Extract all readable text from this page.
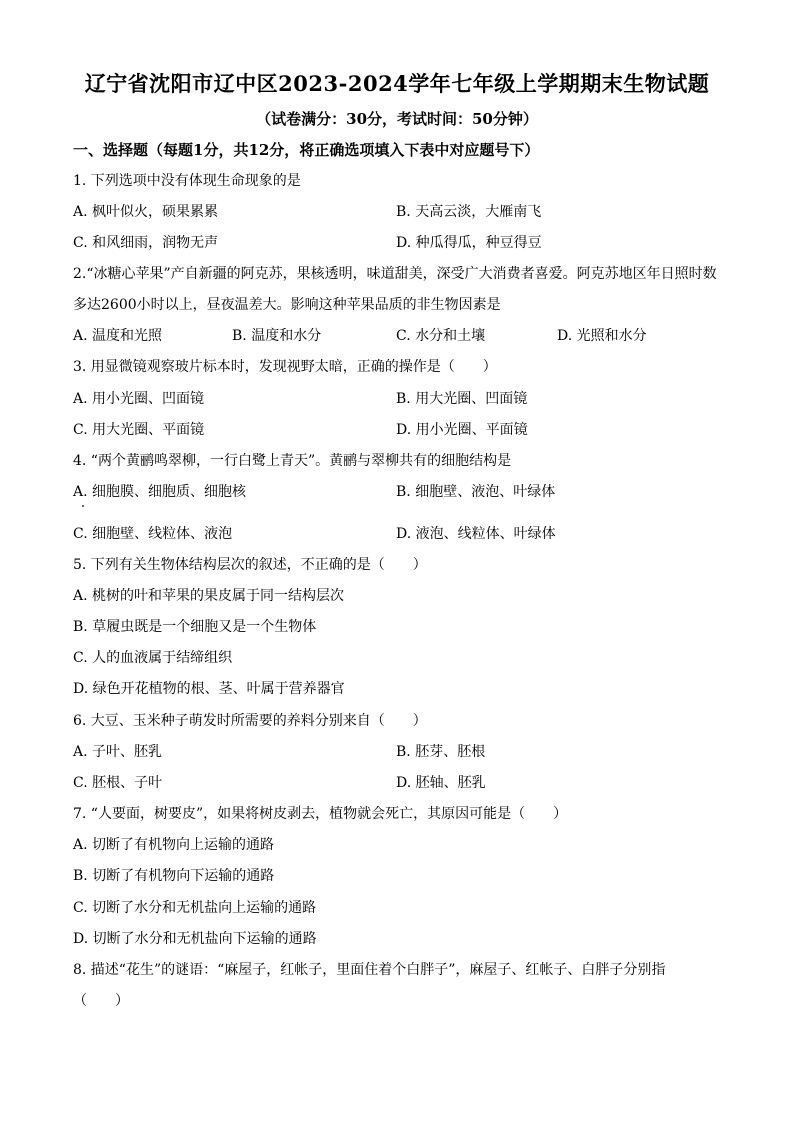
辽宁省沈阳市辽中区2023-2024学年七年级上学期期末生物试题
（试卷满分：30分，考试时间：50分钟）
一、选择题（每题1分，共12分，将正确选项填入下表中对应题号下）
1. 下列选项中没有体现生命现象的是
A. 枫叶似火，硕果累累	B. 天高云淡，大雁南飞
C. 和风细雨，润物无声	D. 种瓜得瓜，种豆得豆
2.“冰糖心苹果”产自新疆的阿克苏，果核透明，味道甜美，深受广大消费者喜爱。阿克苏地区年日照时数
多达2600小时以上，昼夜温差大。影响这种苹果品质的非生物因素是
A. 温度和光照	B. 温度和水分	C. 水分和土壤	D. 光照和水分
3. 用显微镜观察玻片标本时，发现视野太暗，正确的操作是（　　）
A. 用小光圈、凹面镜	B. 用大光圈、凹面镜
C. 用大光圈、平面镜	D. 用小光圈、平面镜
4. “两个黄鹂鸣翠柳，一行白鹭上青天”。黄鹂与翠柳共有的细胞结构是
A. 细胞膜、细胞质、细胞核	B. 细胞壁、液泡、叶绿体
C. 细胞壁、线粒体、液泡	D. 液泡、线粒体、叶绿体
5. 下列有关生物体结构层次的叙述，不正确的是（　　）
A. 桃树的叶和苹果的果皮属于同一结构层次
B. 草履虫既是一个细胞又是一个生物体
C. 人的血液属于结缔组织
D. 绿色开花植物的根、茎、叶属于营养器官
6. 大豆、玉米种子萌发时所需要的养料分别来自（　　）
A. 子叶、胚乳	B. 胚芽、胚根
C. 胚根、子叶	D. 胚轴、胚乳
7. “人要面，树要皮”，如果将树皮剥去，植物就会死亡，其原因可能是（　　）
A. 切断了有机物向上运输的通路
B. 切断了有机物向下运输的通路
C. 切断了水分和无机盐向上运输的通路
D. 切断了水分和无机盐向下运输的通路
8. 描述“花生”的谜语：“麻屋子，红帐子，里面住着个白胖子”，麻屋子、红帐子、白胖子分别指
（　　）
